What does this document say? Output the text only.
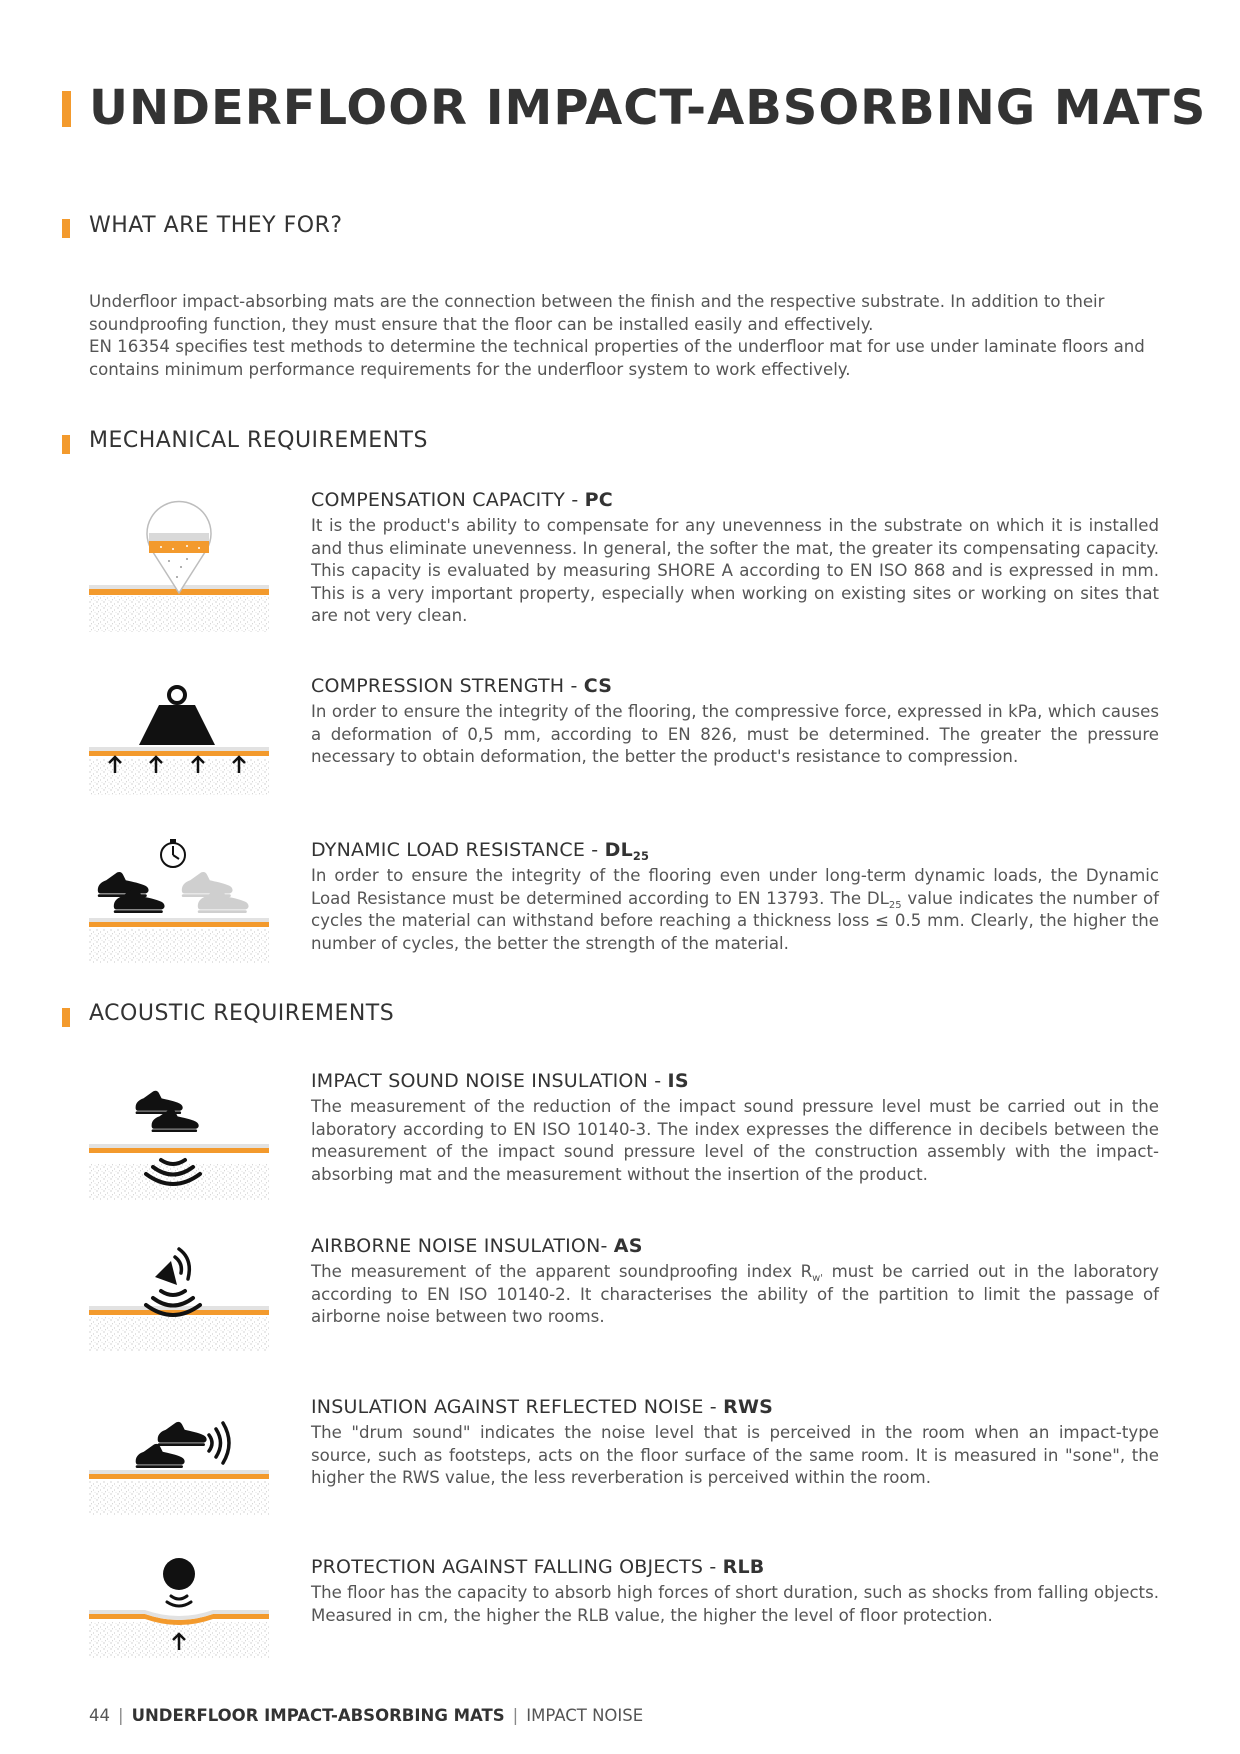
UNDERFLOOR IMPACT-ABSORBING MATS
WHAT ARE THEY FOR?

Underfloor impact-absorbing mats are the connection between the finish and the respective substrate. In addition to their soundproofing function, they must ensure that the floor can be installed easily and effectively.

EN 16354 specifies test methods to determine the technical properties of the underfloor mat for use under laminate floors and contains minimum performance requirements for the underfloor system to work effectively.

MECHANICAL REQUIREMENTS
COMPENSATION CAPACITY - PC

It is the product's ability to compensate for any unevenness in the substrate on which it is installed and thus eliminate unevenness. In general, the softer the mat, the greater its compensating capacity. This capacity is evaluated by measuring SHORE A according to EN ISO 868 and is expressed in mm. This is a very important property, especially when working on existing sites or working on sites that are not very clean.

COMPRESSION STRENGTH - CS

In order to ensure the integrity of the flooring, the compressive force, expressed in kPa, which causes a deformation of 0,5 mm, according to EN 826, must be determined. The greater the pressure necessary to obtain deformation, the better the product's resistance to compression.

DYNAMIC LOAD RESISTANCE - $DL_{25}$

In order to ensure the integrity of the flooring even under long-term dynamic loads, the Dynamic Load Resistance must be determined according to EN 13793. The $DL_{25}$ value indicates the number of cycles the material can withstand before reaching a thickness loss ≤ 0.5 mm. Clearly, the higher the number of cycles, the better the strength of the material.

ACOUSTIC REQUIREMENTS
IMPACT SOUND NOISE INSULATION - IS

The measurement of the reduction of the impact sound pressure level must be carried out in the laboratory according to EN ISO 10140-3. The index expresses the difference in decibels between the measurement of the impact sound pressure level of the construction assembly with the impact-absorbing mat and the measurement without the insertion of the product.

AIRBORNE NOISE INSULATION- AS

The measurement of the apparent soundproofing index $R_{w'}$ must be carried out in the laboratory according to EN ISO 10140-2. It characterises the ability of the partition to limit the passage of airborne noise between two rooms.

INSULATION AGAINST REFLECTED NOISE - RWS

The "drum sound" indicates the noise level that is perceived in the room when an impact-type source, such as footsteps, acts on the floor surface of the same room. It is measured in "sone", the higher the RWS value, the less reverberation is perceived within the room.

PROTECTION AGAINST FALLING OBJECTS - RLB

The floor has the capacity to absorb high forces of short duration, such as shocks from falling objects. Measured in cm, the higher the RLB value, the higher the level of floor protection.

44 | UNDERFLOOR IMPACT-ABSORBING MATS | IMPACT NOISE
